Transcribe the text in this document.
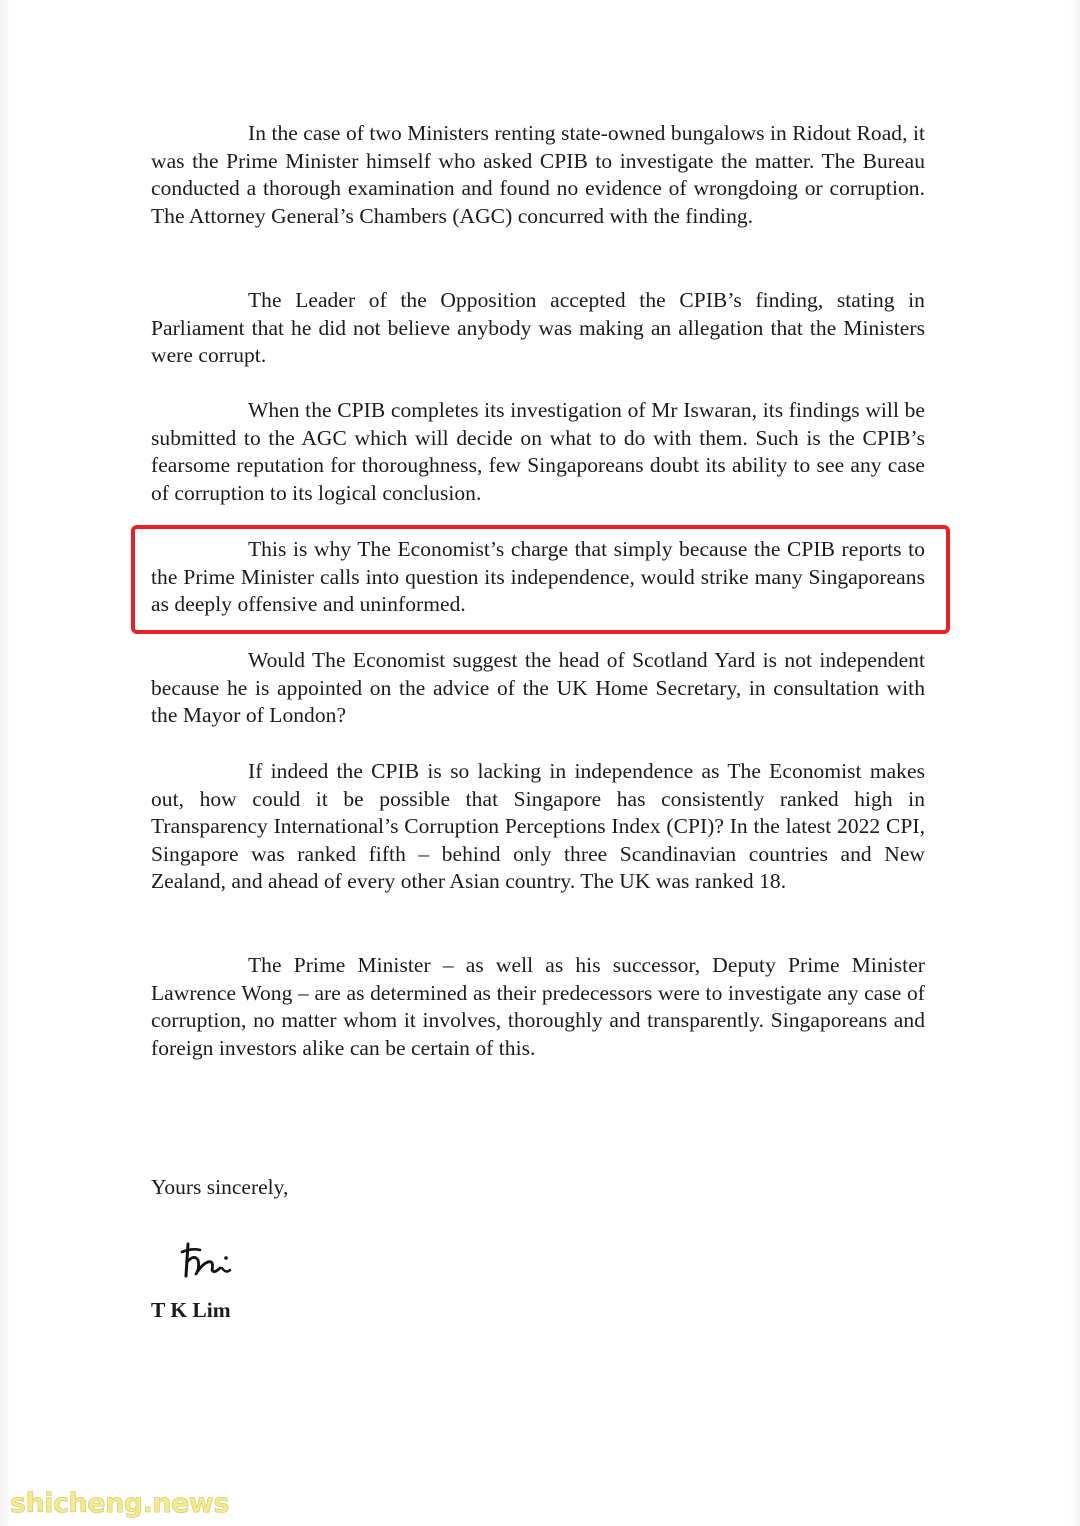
In the case of two Ministers renting state-owned bungalows in Ridout Road, it was the Prime Minister himself who asked CPIB to investigate the matter. The Bureau conducted a thorough examination and found no evidence of wrongdoing or corruption. The Attorney General’s Chambers (AGC) concurred with the finding.

The Leader of the Opposition accepted the CPIB’s finding, stating in Parliament that he did not believe anybody was making an allegation that the Ministers were corrupt.

When the CPIB completes its investigation of Mr Iswaran, its findings will be submitted to the AGC which will decide on what to do with them. Such is the CPIB’s fearsome reputation for thoroughness, few Singaporeans doubt its ability to see any case of corruption to its logical conclusion.

This is why The Economist’s charge that simply because the CPIB reports to the Prime Minister calls into question its independence, would strike many Singaporeans as deeply offensive and uninformed.

Would The Economist suggest the head of Scotland Yard is not independent because he is appointed on the advice of the UK Home Secretary, in consultation with the Mayor of London?

If indeed the CPIB is so lacking in independence as The Economist makes out, how could it be possible that Singapore has consistently ranked high in Transparency International’s Corruption Perceptions Index (CPI)? In the latest 2022 CPI, Singapore was ranked fifth – behind only three Scandinavian countries and New Zealand, and ahead of every other Asian country. The UK was ranked 18.

The Prime Minister – as well as his successor, Deputy Prime Minister Lawrence Wong – are as determined as their predecessors were to investigate any case of corruption, no matter whom it involves, thoroughly and transparently. Singaporeans and foreign investors alike can be certain of this.

Yours sincerely,

T K Lim

shicheng.news
